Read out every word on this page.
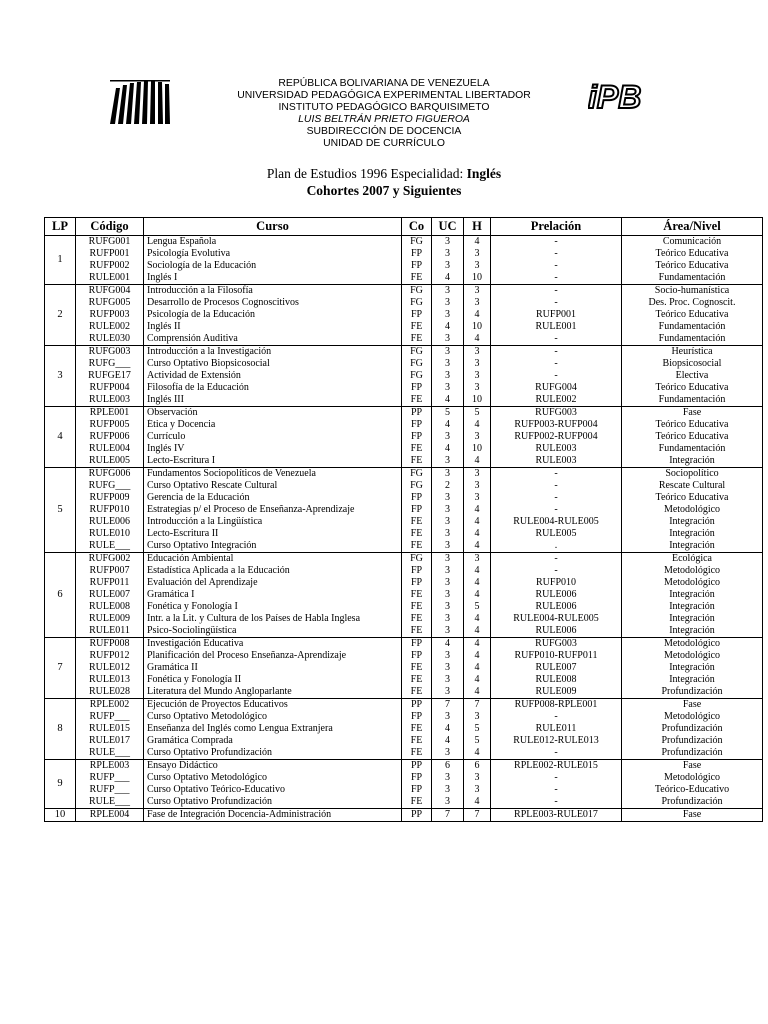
iPB
REPÚBLICA BOLIVARIANA DE VENEZUELA
UNIVERSIDAD PEDAGÓGICA EXPERIMENTAL LIBERTADOR
INSTITUTO PEDAGÓGICO BARQUISIMETO
LUIS BELTRÁN PRIETO FIGUEROA
SUBDIRECCIÓN DE DOCENCIA
UNIDAD DE CURRÍCULO
Plan de Estudios 1996 Especialidad: Inglés
Cohortes 2007 y Siguientes
LP	Código	Curso	Co	UC	H	Prelación	Área/Nivel
1	RUFG001	Lengua Española	FG	3	4	-	Comunicación
	RUFP001	Psicología Evolutiva	FP	3	3	-	Teórico Educativa
	RUFP002	Sociología de la Educación	FP	3	3	-	Teórico Educativa
	RULE001	Inglés I	FE	4	10	-	Fundamentación
2	RUFG004	Introducción a la Filosofía	FG	3	3	-	Socio-humanística
	RUFG005	Desarrollo de Procesos Cognoscitivos	FG	3	3	-	Des. Proc. Cognoscit.
	RUFP003	Psicología de la Educación	FP	3	4	RUFP001	Teórico Educativa
	RULE002	Inglés II	FE	4	10	RULE001	Fundamentación
	RULE030	Comprensión Auditiva	FE	3	4	-	Fundamentación
3	RUFG003	Introducción a la Investigación	FG	3	3	-	Heurística
	RUFG___	Curso Optativo Biopsicosocial	FG	3	3	-	Biopsicosocial
	RUFGE17	Actividad de Extensión	FG	3	3	-	Electiva
	RUFP004	Filosofía de la Educación	FP	3	3	RUFG004	Teórico Educativa
	RULE003	Inglés III	FE	4	10	RULE002	Fundamentación
4	RPLE001	Observación	PP	5	5	RUFG003	Fase
	RUFP005	Ética y Docencia	FP	4	4	RUFP003-RUFP004	Teórico Educativa
	RUFP006	Currículo	FP	3	3	RUFP002-RUFP004	Teórico Educativa
	RULE004	Inglés IV	FE	4	10	RULE003	Fundamentación
	RULE005	Lecto-Escritura I	FE	3	4	RULE003	Integración
5	RUFG006	Fundamentos Sociopolíticos de Venezuela	FG	3	3	-	Sociopolítico
	RUFG___	Curso Optativo Rescate Cultural	FG	2	3	-	Rescate Cultural
	RUFP009	Gerencia de la Educación	FP	3	3	-	Teórico Educativa
	RUFP010	Estrategias p/ el Proceso de Enseñanza-Aprendizaje	FP	3	4	-	Metodológico
	RULE006	Introducción a la Lingüística	FE	3	4	RULE004-RULE005	Integración
	RULE010	Lecto-Escritura II	FE	3	4	RULE005	Integración
	RULE___	Curso Optativo Integración	FE	3	4	.	Integración
6	RUFG002	Educación Ambiental	FG	3	3	-	Ecológica
	RUFP007	Estadística Aplicada a la Educación	FP	3	4	-	Metodológico
	RUFP011	Evaluación del Aprendizaje	FP	3	4	RUFP010	Metodológico
	RULE007	Gramática I	FE	3	4	RULE006	Integración
	RULE008	Fonética y Fonología I	FE	3	5	RULE006	Integración
	RULE009	Intr. a la Lit. y Cultura de los Países de Habla Inglesa	FE	3	4	RULE004-RULE005	Integración
	RULE011	Psico-Sociolingüística	FE	3	4	RULE006	Integración
7	RUFP008	Investigación Educativa	FP	4	4	RUFG003	Metodológico
	RUFP012	Planificación del Proceso Enseñanza-Aprendizaje	FP	3	4	RUFP010-RUFP011	Metodológico
	RULE012	Gramática II	FE	3	4	RULE007	Integración
	RULE013	Fonética y Fonología II	FE	3	4	RULE008	Integración
	RULE028	Literatura del Mundo Angloparlante	FE	3	4	RULE009	Profundización
8	RPLE002	Ejecución de Proyectos Educativos	PP	7	7	RUFP008-RPLE001	Fase
	RUFP___	Curso Optativo Metodológico	FP	3	3	-	Metodológico
	RULE015	Enseñanza del Inglés como Lengua Extranjera	FE	4	5	RULE011	Profundización
	RULE017	Gramática Comprada	FE	4	5	RULE012-RULE013	Profundización
	RULE___	Curso Optativo Profundización	FE	3	4	-	Profundización
9	RPLE003	Ensayo Didáctico	PP	6	6	RPLE002-RULE015	Fase
	RUFP___	Curso Optativo Metodológico	FP	3	3	-	Metodológico
	RUFP___	Curso Optativo Teórico-Educativo	FP	3	3	-	Teórico-Educativo
	RULE___	Curso Optativo Profundización	FE	3	4	-	Profundización
10	RPLE004	Fase de Integración Docencia-Administración	PP	7	7	RPLE003-RULE017	Fase
